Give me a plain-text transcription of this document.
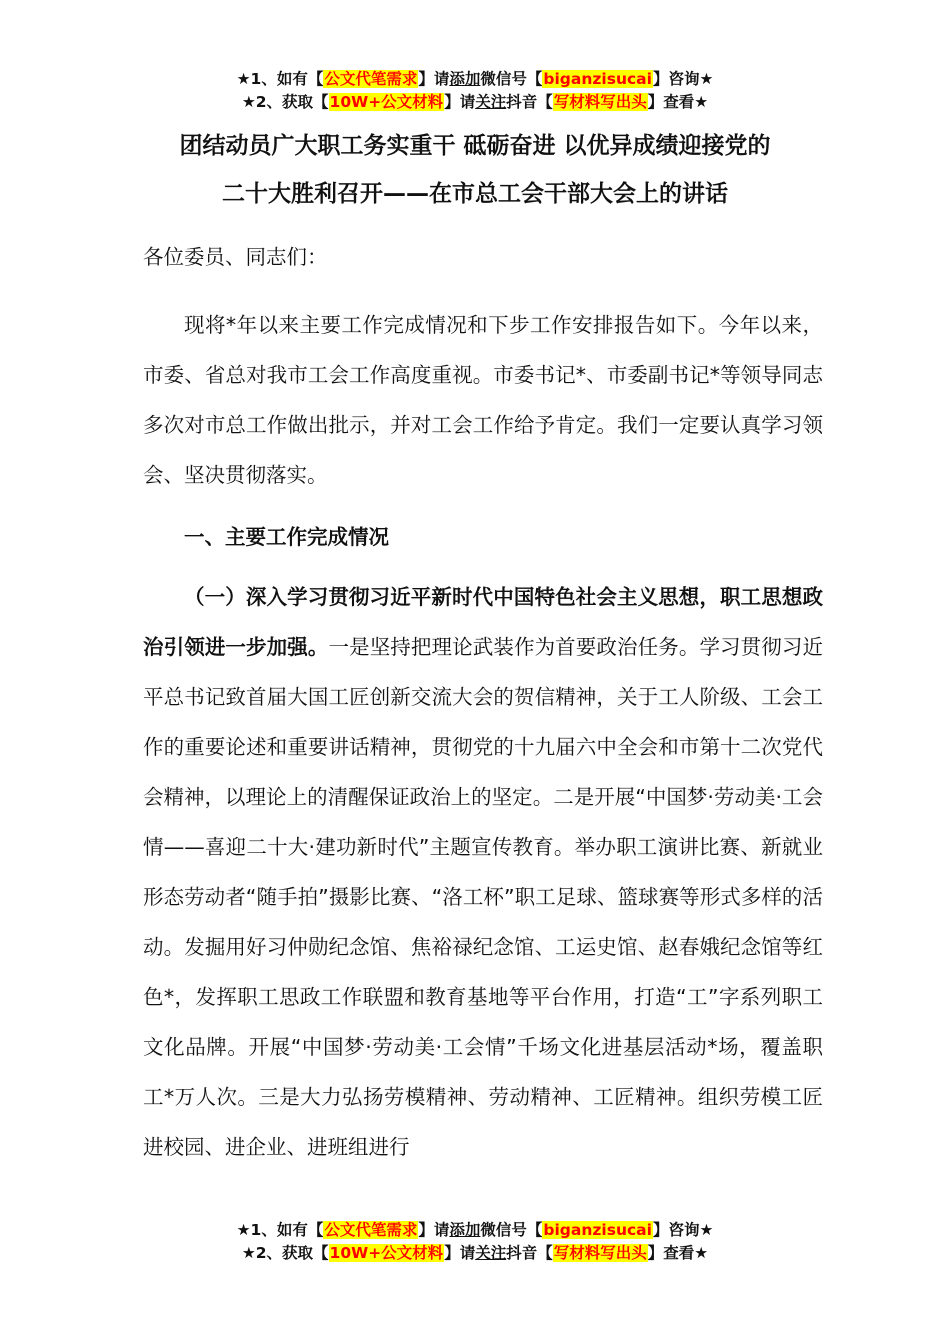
★1、如有【公文代笔需求】请添加微信号【biganzisucai】咨询★
★2、获取【10W+公文材料】请关注抖音【写材料写出头】查看★
团结动员广大职工务实重干 砥砺奋进 以优异成绩迎接党的
二十大胜利召开——在市总工会干部大会上的讲话

各位委员、同志们：

现将*年以来主要工作完成情况和下步工作安排报告如下。今年以来，市委、省总对我市工会工作高度重视。市委书记*、市委副书记*等领导同志多次对市总工作做出批示，并对工会工作给予肯定。我们一定要认真学习领会、坚决贯彻落实。

一、主要工作完成情况

（一）深入学习贯彻习近平新时代中国特色社会主义思想，职工思想政治引领进一步加强。一是坚持把理论武装作为首要政治任务。学习贯彻习近平总书记致首届大国工匠创新交流大会的贺信精神，关于工人阶级、工会工作的重要论述和重要讲话精神，贯彻党的十九届六中全会和市第十二次党代会精神，以理论上的清醒保证政治上的坚定。二是开展“中国梦·劳动美·工会情——喜迎二十大·建功新时代”主题宣传教育。举办职工演讲比赛、新就业形态劳动者“随手拍”摄影比赛、“洛工杯”职工足球、篮球赛等形式多样的活动。发掘用好习仲勋纪念馆、焦裕禄纪念馆、工运史馆、赵春娥纪念馆等红色*，发挥职工思政工作联盟和教育基地等平台作用，打造“工”字系列职工文化品牌。开展“中国梦·劳动美·工会情”千场文化进基层活动*场，覆盖职工*万人次。三是大力弘扬劳模精神、劳动精神、工匠精神。组织劳模工匠进校园、进企业、进班组进行

★1、如有【公文代笔需求】请添加微信号【biganzisucai】咨询★
★2、获取【10W+公文材料】请关注抖音【写材料写出头】查看★
